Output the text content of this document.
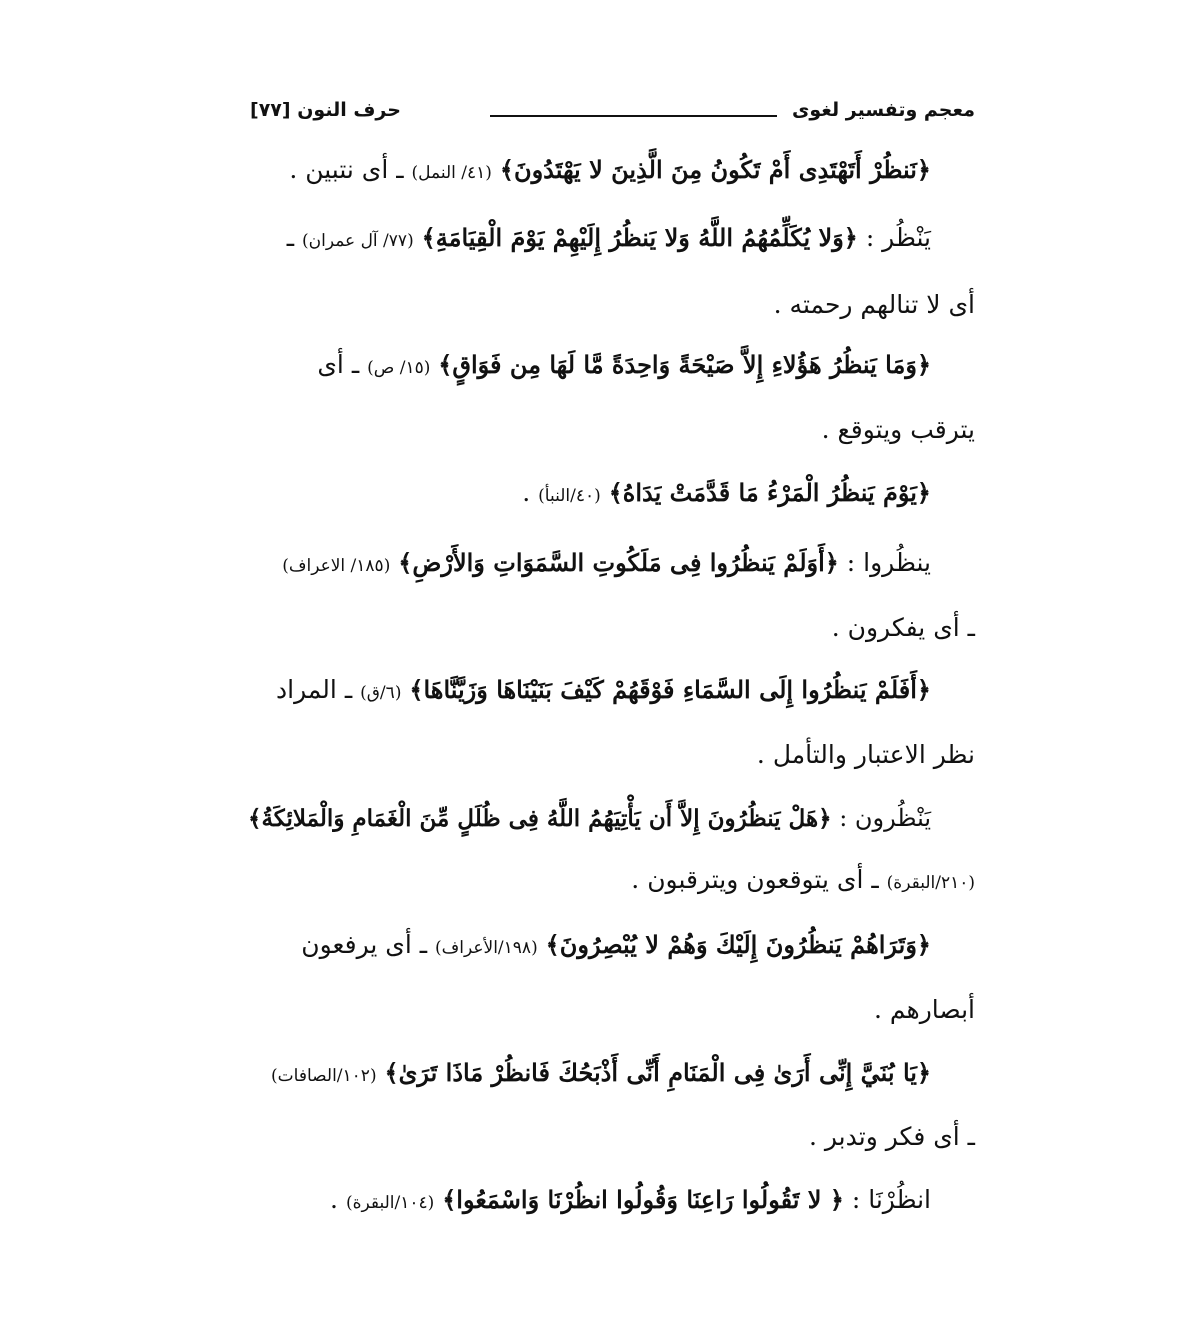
معجم وتفسير لغوى
حرف النون [٧٧]
﴿نَنظُرْ أَتَهْتَدِى أَمْ تَكُونُ مِنَ الَّذِينَ لا يَهْتَدُونَ﴾ (٤١/ النمل) ـ أى نتبين .
يَنْظُر : ﴿وَلا يُكَلِّمُهُمُ اللَّهُ وَلا يَنظُرُ إِلَيْهِمْ يَوْمَ الْقِيَامَةِ﴾ (٧٧/ آل عمران) ـ
أى لا تنالهم رحمته .
﴿وَمَا يَنظُرُ هَؤُلاءِ إِلاَّ صَيْحَةً وَاحِدَةً مَّا لَهَا مِن فَوَاقٍ﴾ (١٥/ ص) ـ أى
يترقب ويتوقع .
﴿يَوْمَ يَنظُرُ الْمَرْءُ مَا قَدَّمَتْ يَدَاهُ﴾ (٤٠/النبأ) .
ينظُروا : ﴿أَوَلَمْ يَنظُرُوا فِى مَلَكُوتِ السَّمَوَاتِ وَالأَرْضِ﴾ (١٨٥/ الاعراف)
ـ أى يفكرون .
﴿أَفَلَمْ يَنظُرُوا إِلَى السَّمَاءِ فَوْقَهُمْ كَيْفَ بَنَيْنَاهَا وَزَيَّنَّاهَا﴾ (٦/ق) ـ المراد
نظر الاعتبار والتأمل .
يَنْظُرون : ﴿هَلْ يَنظُرُونَ إِلاَّ أَن يَأْتِيَهُمُ اللَّهُ فِى ظُلَلٍ مِّنَ الْغَمَامِ وَالْمَلائِكَةُ﴾
(٢١٠/البقرة) ـ أى يتوقعون ويترقبون .
﴿وَتَرَاهُمْ يَنظُرُونَ إِلَيْكَ وَهُمْ لا يُبْصِرُونَ﴾ (١٩٨/الأعراف) ـ أى يرفعون
أبصارهم .
﴿يَا بُنَيَّ إِنِّى أَرَىٰ فِى الْمَنَامِ أَنِّى أَذْبَحُكَ فَانظُرْ مَاذَا تَرَىٰ﴾ (١٠٢/الصافات)
ـ أى فكر وتدبر .
انظُرْنَا : ﴿ لا تَقُولُوا رَاعِنَا وَقُولُوا انظُرْنَا وَاسْمَعُوا﴾ (١٠٤/البقرة) .
